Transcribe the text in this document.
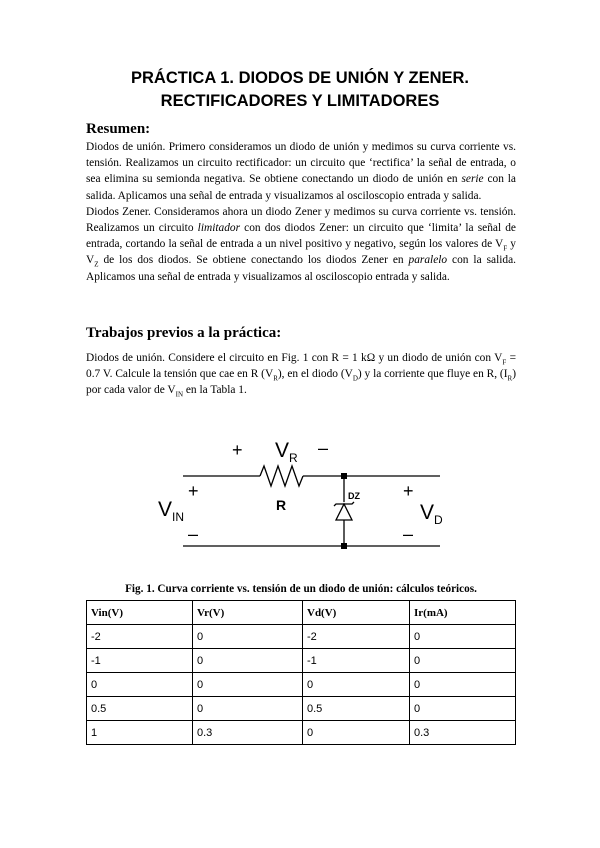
PRÁCTICA 1. DIODOS DE UNIÓN Y ZENER.
RECTIFICADORES Y LIMITADORES
Resumen:

Diodos de unión. Primero consideramos un diodo de unión y medimos su curva corriente vs. tensión. Realizamos un circuito rectificador: un circuito que ‘rectifica’ la señal de entrada, o sea elimina su semionda negativa. Se obtiene conectando un diodo de unión en serie con la salida. Aplicamos una señal de entrada y visualizamos al osciloscopio entrada y salida.

Diodos Zener. Consideramos ahora un diodo Zener y medimos su curva corriente vs. tensión. Realizamos un circuito limitador con dos diodos Zener: un circuito que ‘limita’ la señal de entrada, cortando la señal de entrada a un nivel positivo y negativo, según los valores de $V_F$ y $V_Z$ de los dos diodos. Se obtiene conectando los diodos Zener en paralelo con la salida. Aplicamos una señal de entrada y visualizamos al osciloscopio entrada y salida.

Trabajos previos a la práctica:

Diodos de unión. Considere el circuito en Fig. 1 con R = 1 kΩ y un diodo de unión con $V_F = 0.7$ V. Calcule la tensión que cae en R $(V_R)$, en el diodo $(V_D)$ y la corriente que fluye en R, $(I_R)$ por cada valor de $V_{IN}$ en la Tabla 1.

+	–
$V_R$
R
DZ
+
–
$V_{IN}$
+
–
$V_D$
Fig. 1. Curva corriente vs. tensión de un diodo de unión: cálculos teóricos.
Vin(V)	Vr(V)	Vd(V)	Ir(mA)
-2	0	-2	0
-1	0	-1	0
0	0	0	0
0.5	0	0.5	0
1	0.3	0	0.3
